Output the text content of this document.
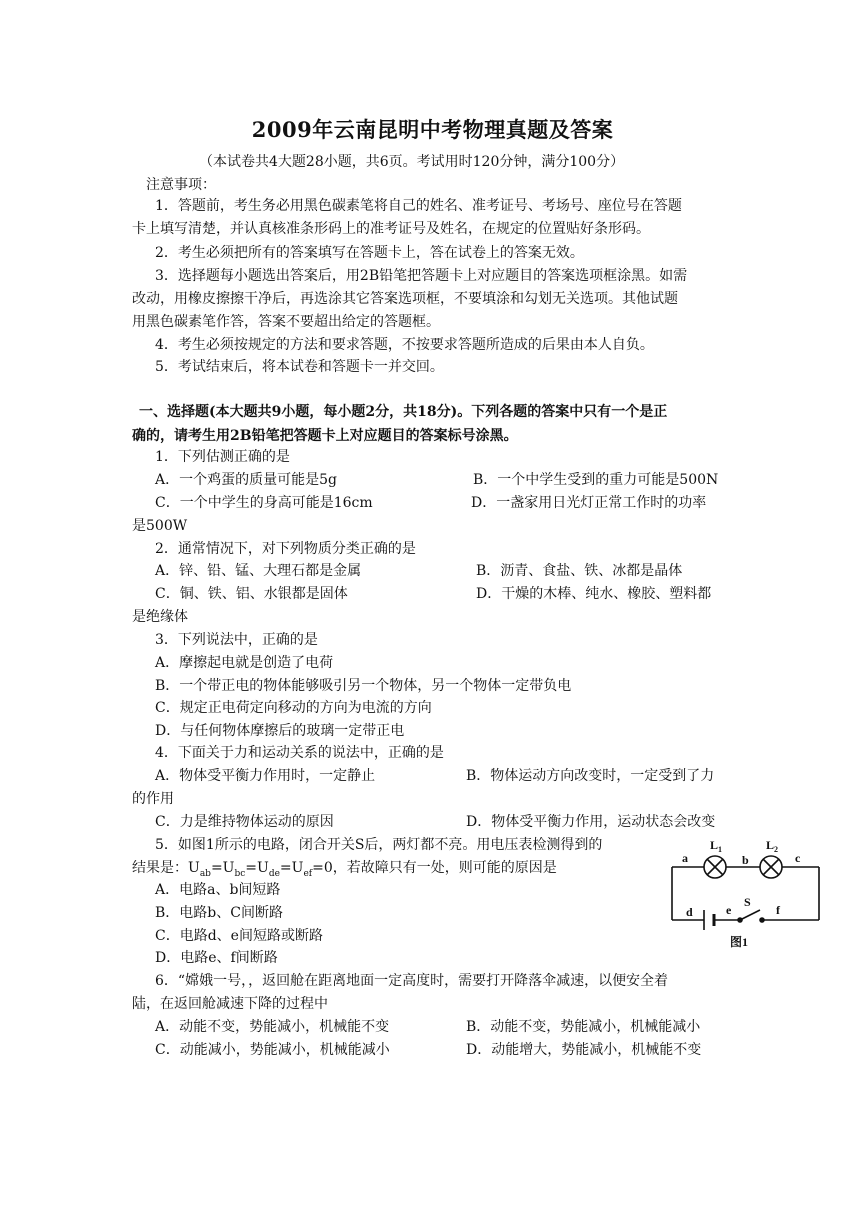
2009年云南昆明中考物理真题及答案
（本试卷共4大题28小题，共6页。考试用时120分钟，满分100分）
注意事项：
1．答题前，考生务必用黑色碳素笔将自己的姓名、准考证号、考场号、座位号在答题
卡上填写清楚，并认真核准条形码上的准考证号及姓名，在规定的位置贴好条形码。
2．考生必须把所有的答案填写在答题卡上，答在试卷上的答案无效。
3．选择题每小题选出答案后，用2B铅笔把答题卡上对应题目的答案选项框涂黑。如需
改动，用橡皮擦擦干净后，再选涂其它答案选项框，不要填涂和勾划无关选项。其他试题
用黑色碳素笔作答，答案不要超出给定的答题框。
4．考生必须按规定的方法和要求答题，不按要求答题所造成的后果由本人自负。
5．考试结束后，将本试卷和答题卡一并交回。
一、选择题(本大题共9小题，每小题2分，共18分)。下列各题的答案中只有一个是正
确的，请考生用2B铅笔把答题卡上对应题目的答案标号涂黑。
1．下列估测正确的是
A．一个鸡蛋的质量可能是5g	B．一个中学生受到的重力可能是500N
C．一个中学生的身高可能是16cm	D．一盏家用日光灯正常工作时的功率
是500W
2．通常情况下，对下列物质分类正确的是
A．锌、铅、锰、大理石都是金属	B．沥青、食盐、铁、冰都是晶体
C．铜、铁、铝、水银都是固体	D．干燥的木棒、纯水、橡胶、塑料都
是绝缘体
3．下列说法中，正确的是
A．摩擦起电就是创造了电荷
B．一个带正电的物体能够吸引另一个物体，另一个物体一定带负电
C．规定正电荷定向移动的方向为电流的方向
D．与任何物体摩擦后的玻璃一定带正电
4．下面关于力和运动关系的说法中，正确的是
A．物体受平衡力作用时，一定静止	B．物体运动方向改变时，一定受到了力
的作用
C．力是维持物体运动的原因	D．物体受平衡力作用，运动状态会改变
5．如图1所示的电路，闭合开关S后，两灯都不亮。用电压表检测得到的
结果是：$U_{ab}=U_{bc}=U_{de}=U_{ef}=0$，若故障只有一处，则可能的原因是
A．电路a、b间短路
B．电路b、C间断路
C．电路d、e间短路或断路
D．电路e、f间断路
6．“嫦娥一号，，返回舱在距离地面一定高度时，需要打开降落伞减速，以便安全着
陆，在返回舱减速下降的过程中
A．动能不变，势能减小，机械能不变	B．动能不变，势能减小，机械能减小
C．动能减小，势能减小，机械能减小	D．动能增大，势能减小，机械能不变
a	b	c
d	e	f
S
$L_1$	$L_2$
图1
